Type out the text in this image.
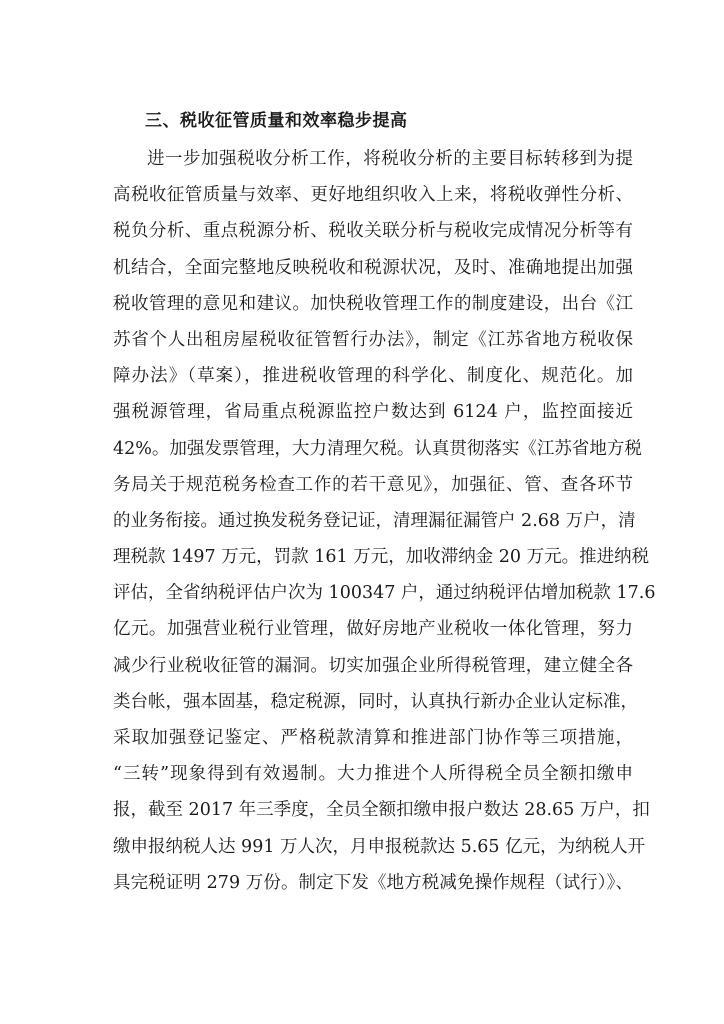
三、税收征管质量和效率稳步提高
进一步加强税收分析工作，将税收分析的主要目标转移到为提
高税收征管质量与效率、更好地组织收入上来，将税收弹性分析、
税负分析、重点税源分析、税收关联分析与税收完成情况分析等有
机结合，全面完整地反映税收和税源状况，及时、准确地提出加强
税收管理的意见和建议。加快税收管理工作的制度建设，出台《江
苏省个人出租房屋税收征管暂行办法》，制定《江苏省地方税收保
障办法》（草案），推进税收管理的科学化、制度化、规范化。加
强税源管理，省局重点税源监控户数达到 6124 户，监控面接近
42%。加强发票管理，大力清理欠税。认真贯彻落实《江苏省地方税
务局关于规范税务检查工作的若干意见》，加强征、管、查各环节
的业务衔接。通过换发税务登记证，清理漏征漏管户 2.68 万户，清
理税款 1497 万元，罚款 161 万元，加收滞纳金 20 万元。推进纳税
评估，全省纳税评估户次为 100347 户，通过纳税评估增加税款 17.6
亿元。加强营业税行业管理，做好房地产业税收一体化管理，努力
减少行业税收征管的漏洞。切实加强企业所得税管理，建立健全各
类台帐，强本固基，稳定税源，同时，认真执行新办企业认定标准，
采取加强登记鉴定、严格税款清算和推进部门协作等三项措施，
“三转”现象得到有效遏制。大力推进个人所得税全员全额扣缴申
报，截至 2017 年三季度，全员全额扣缴申报户数达 28.65 万户，扣
缴申报纳税人达 991 万人次，月申报税款达 5.65 亿元，为纳税人开
具完税证明 279 万份。制定下发《地方税减免操作规程（试行）》、
